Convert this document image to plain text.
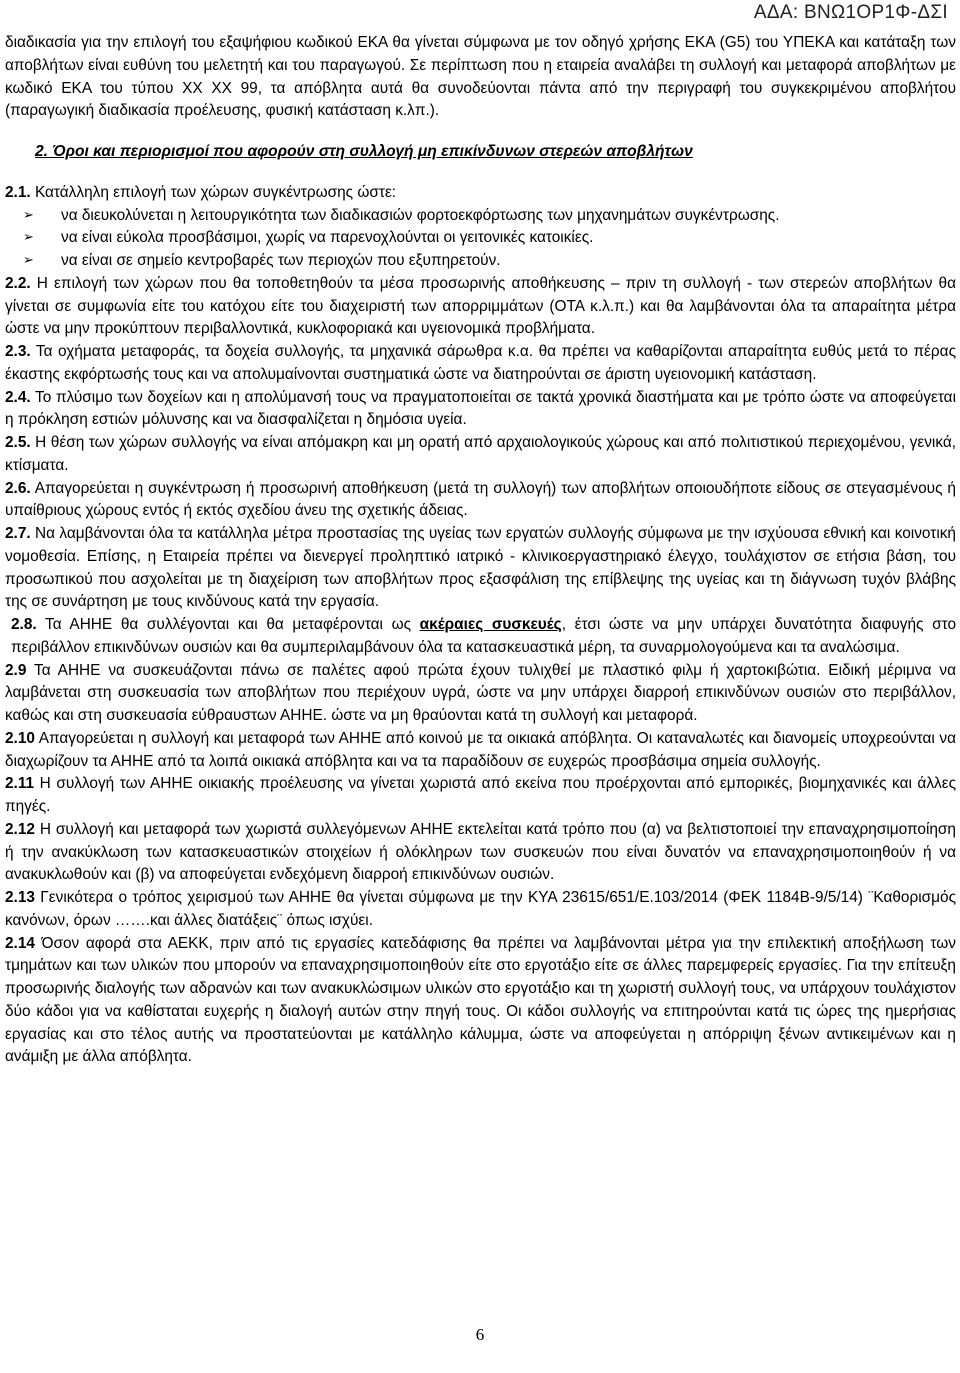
ΑΔΑ: ΒΝΩ1ΟΡ1Φ-ΔΣΙ

διαδικασία για την επιλογή του εξαψήφιου κωδικού ΕΚΑ θα γίνεται σύμφωνα με τον οδηγό χρήσης ΕΚΑ (G5) του ΥΠΕΚΑ και κατάταξη των αποβλήτων είναι ευθύνη του μελετητή και του παραγωγού. Σε περίπτωση που η εταιρεία αναλάβει τη συλλογή και μεταφορά αποβλήτων με κωδικό ΕΚΑ του τύπου ΧΧ ΧΧ 99, τα απόβλητα αυτά θα συνοδεύονται πάντα από την περιγραφή του συγκεκριμένου αποβλήτου (παραγωγική διαδικασία προέλευσης, φυσική κατάσταση κ.λπ.).

2. Όροι και περιορισμοί που αφορούν στη συλλογή μη επικίνδυνων στερεών αποβλήτων

2.1. Κατάλληλη επιλογή των χώρων συγκέντρωσης ώστε:

➢	να διευκολύνεται η λειτουργικότητα των διαδικασιών φορτοεκφόρτωσης των μηχανημάτων συγκέντρωσης.
➢	να είναι εύκολα προσβάσιμοι, χωρίς να παρενοχλούνται οι γειτονικές κατοικίες.
➢	να είναι σε σημείο κεντροβαρές των περιοχών που εξυπηρετούν.

2.2. Η επιλογή των χώρων που θα τοποθετηθούν τα μέσα προσωρινής αποθήκευσης – πριν τη συλλογή - των στερεών αποβλήτων θα γίνεται σε συμφωνία είτε του κατόχου είτε του διαχειριστή των απορριμμάτων (ΟΤΑ κ.λ.π.) και θα λαμβάνονται όλα τα απαραίτητα μέτρα ώστε να μην προκύπτουν περιβαλλοντικά, κυκλοφοριακά και υγειονομικά προβλήματα.

2.3. Τα οχήματα μεταφοράς, τα δοχεία συλλογής, τα μηχανικά σάρωθρα κ.α. θα πρέπει να καθαρίζονται απαραίτητα ευθύς μετά το πέρας έκαστης εκφόρτωσής τους και να απολυμαίνονται συστηματικά ώστε να διατηρούνται σε άριστη υγειονομική κατάσταση.

2.4. Το πλύσιμο των δοχείων και η απολύμανσή τους να πραγματοποιείται σε τακτά χρονικά διαστήματα και με τρόπο ώστε να αποφεύγεται η πρόκληση εστιών μόλυνσης και να διασφαλίζεται η δημόσια υγεία.

2.5. Η θέση των χώρων συλλογής να είναι απόμακρη και μη ορατή από αρχαιολογικούς χώρους και από πολιτιστικού περιεχομένου, γενικά, κτίσματα.

2.6. Απαγορεύεται η συγκέντρωση ή προσωρινή αποθήκευση (μετά τη συλλογή) των αποβλήτων οποιουδήποτε είδους σε στεγασμένους ή υπαίθριους χώρους εντός ή εκτός σχεδίου άνευ της σχετικής άδειας.

2.7. Να λαμβάνονται όλα τα κατάλληλα μέτρα προστασίας της υγείας των εργατών συλλογής σύμφωνα με την ισχύουσα εθνική και κοινοτική νομοθεσία. Επίσης, η Εταιρεία πρέπει να διενεργεί προληπτικό ιατρικό - κλινικοεργαστηριακό έλεγχο, τουλάχιστον σε ετήσια βάση, του προσωπικού που ασχολείται με τη διαχείριση των αποβλήτων προς εξασφάλιση της επίβλεψης της υγείας και τη διάγνωση τυχόν βλάβης της σε συνάρτηση με τους κινδύνους κατά την εργασία.

2.8. Τα ΑΗΗΕ θα συλλέγονται και θα μεταφέρονται ως ακέραιες συσκευές, έτσι ώστε να μην υπάρχει δυνατότητα διαφυγής στο περιβάλλον επικινδύνων ουσιών και θα συμπεριλαμβάνουν όλα τα κατασκευαστικά μέρη, τα συναρμολογούμενα και τα αναλώσιμα.

2.9 Τα ΑΗΗΕ να συσκευάζονται πάνω σε παλέτες αφού πρώτα έχουν τυλιχθεί με πλαστικό φιλμ ή χαρτοκιβώτια. Ειδική μέριμνα να λαμβάνεται στη συσκευασία των αποβλήτων που περιέχουν υγρά, ώστε να μην υπάρχει διαρροή επικινδύνων ουσιών στο περιβάλλον, καθώς και στη συσκευασία εύθραυστων ΑΗΗΕ. ώστε να μη θραύονται κατά τη συλλογή και μεταφορά.

2.10 Απαγορεύεται η συλλογή και μεταφορά των ΑΗΗΕ από κοινού με τα οικιακά απόβλητα. Οι καταναλωτές και διανομείς υποχρεούνται να διαχωρίζουν τα ΑΗΗΕ από τα λοιπά οικιακά απόβλητα και να τα παραδίδουν σε ευχερώς προσβάσιμα σημεία συλλογής.

2.11 Η συλλογή των ΑΗΗΕ οικιακής προέλευσης να γίνεται χωριστά από εκείνα που προέρχονται από εμπορικές, βιομηχανικές και άλλες πηγές.

2.12 Η συλλογή και μεταφορά των χωριστά συλλεγόμενων ΑΗΗΕ εκτελείται κατά τρόπο που (α) να βελτιστοποιεί την επαναχρησιμοποίηση ή την ανακύκλωση των κατασκευαστικών στοιχείων ή ολόκληρων των συσκευών που είναι δυνατόν να επαναχρησιμοποιηθούν ή να ανακυκλωθούν και (β) να αποφεύγεται ενδεχόμενη διαρροή επικινδύνων ουσιών.

2.13 Γενικότερα ο τρόπος χειρισμού των ΑΗΗΕ θα γίνεται σύμφωνα με την ΚΥΑ 23615/651/Ε.103/2014 (ΦΕΚ 1184Β-9/5/14) ¨Καθορισμός κανόνων, όρων …….και άλλες διατάξεις¨ όπως ισχύει.

2.14 Όσον αφορά στα ΑΕΚΚ, πριν από τις εργασίες κατεδάφισης θα πρέπει να λαμβάνονται μέτρα για την επιλεκτική αποξήλωση των τμημάτων και των υλικών που μπορούν να επαναχρησιμοποιηθούν είτε στο εργοτάξιο είτε σε άλλες παρεμφερείς εργασίες. Για την επίτευξη προσωρινής διαλογής των αδρανών και των ανακυκλώσιμων υλικών στο εργοτάξιο και τη χωριστή συλλογή τους, να υπάρχουν τουλάχιστον δύο κάδοι για να καθίσταται ευχερής η διαλογή αυτών στην πηγή τους. Οι κάδοι συλλογής να επιτηρούνται κατά τις ώρες της ημερήσιας εργασίας και στο τέλος αυτής να προστατεύονται με κατάλληλο κάλυμμα, ώστε να αποφεύγεται η απόρριψη ξένων αντικειμένων και η ανάμιξη με άλλα απόβλητα.

6
